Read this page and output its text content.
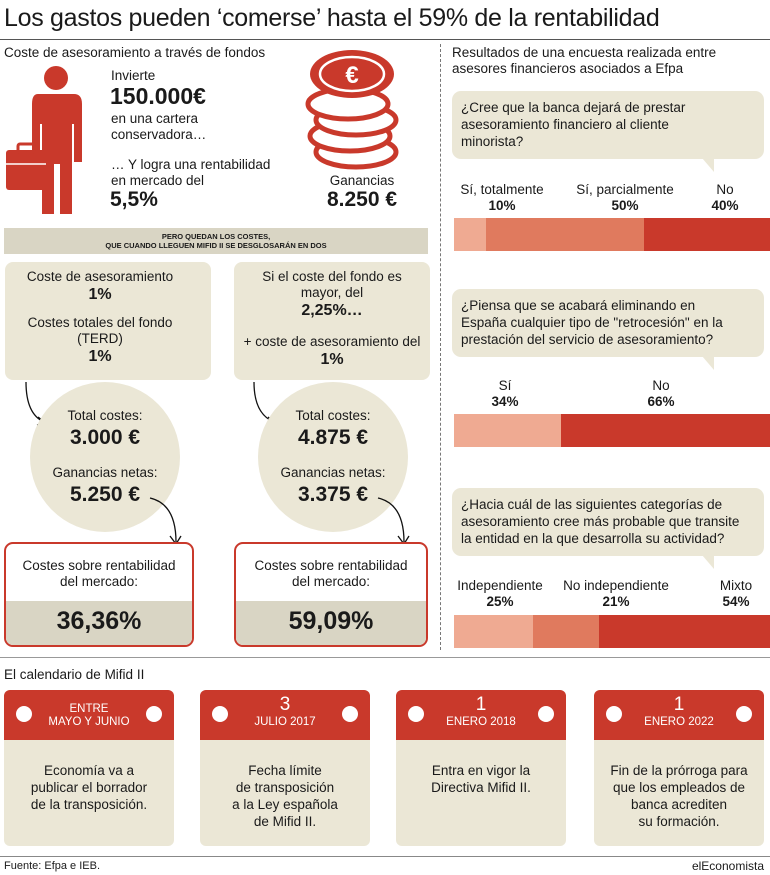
Los gastos pueden ‘comerse’ hasta el 59% de la rentabilidad
Coste de asesoramiento a través de fondos
Invierte
150.000€
en una cartera
conservadora…
… Y logra una rentabilidad
en mercado del
5,5%
€
Ganancias
8.250 €
PERO QUEDAN LOS COSTES,
QUE CUANDO LLEGUEN MIFID II SE DESGLOSARÁN EN DOS
Coste de asesoramiento
1%
Costes totales del fondo
(TERD)
1%
Total costes:
3.000 €
Ganancias netas:
5.250 €
Costes sobre rentabilidad
del mercado:
36,36%
Si el coste del fondo es
mayor, del
2,25%…
+ coste de asesoramiento del
1%
Total costes:
4.875 €
Ganancias netas:
3.375 €
Costes sobre rentabilidad
del mercado:
59,09%
Resultados de una encuesta realizada entre
asesores financieros asociados a Efpa
¿Cree que la banca dejará de prestar
asesoramiento financiero al cliente
minorista?
Sí, totalmente
10%
Sí, parcialmente
50%
No
40%
¿Piensa que se acabará eliminando en
España cualquier tipo de "retrocesión" en la
prestación del servicio de asesoramiento?
Sí
34%
No
66%
¿Hacia cuál de las siguientes categorías de
asesoramiento cree más probable que transite
la entidad en la que desarrolla su actividad?
Independiente
25%
No independiente
21%
Mixto
54%
El calendario de Mifid II
ENTRE
MAYO Y JUNIO
Economía va a
publicar el borrador
de la transposición.
3
JULIO 2017
Fecha límite
de transposición
a la Ley española
de Mifid II.
1
ENERO 2018
Entra en vigor la
Directiva Mifid II.
1
ENERO 2022
Fin de la prórroga para
que los empleados de
banca acrediten
su formación.
Fuente: Efpa e IEB.	elEconomista
